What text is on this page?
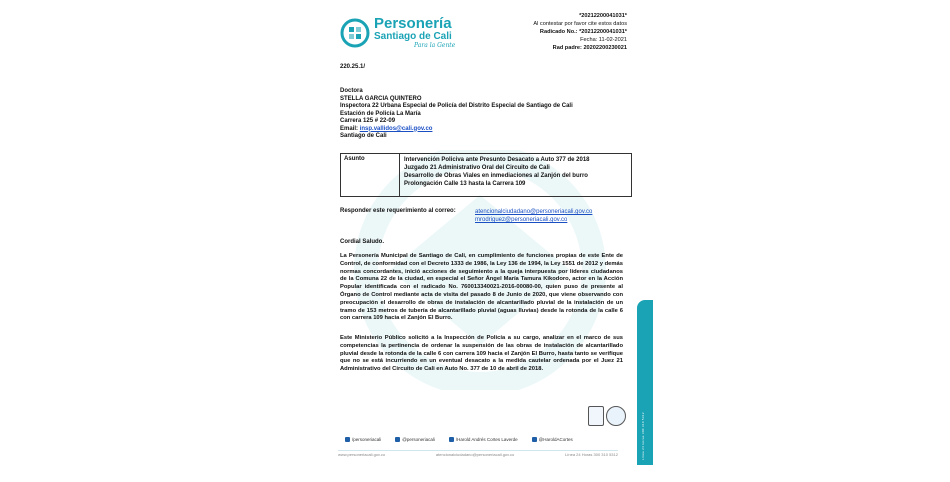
Línea 24 Horas 300 310 5312
Personería
Santiago de Cali
Para la Gente
*20212200041031*
Al contestar por favor cite estos datos
Radicado No.: *20212200041031*
Fecha: 11-02-2021
Rad padre: 20202200230021
220.25.1/
Doctora
STELLA GARCIA QUINTERO
Inspectora 22 Urbana Especial de Policía del Distrito Especial de Santiago de Cali
Estación de Policía La María
Carrera 125 # 22-09
Email: insp.vallidos@cali.gov.co
Santiago de Cali
Asunto	Intervención Policiva ante Presunto Desacato a Auto 377 de 2018
Juzgado 21 Administrativo Oral del Circuito de Cali
Desarrollo de Obras Viales en inmediaciones al Zanjón del burro
Prolongación Calle 13 hasta la Carrera 109
Responder este requerimiento al correo:	atencionalciudadano@personeriacali.gov.co
mrodriguez@personeriacali.gov.co
Cordial Saludo.
La Personería Municipal de Santiago de Cali, en cumplimiento de funciones propias de este Ente de Control, de conformidad con el Decreto 1333 de 1986, la Ley 136 de 1994, la Ley 1551 de 2012 y demás normas concordantes, inició acciones de seguimiento a la queja interpuesta por líderes ciudadanos de la Comuna 22 de la ciudad, en especial el Señor Ángel María Tamura Kikodoro, actor en la Acción Popular identificada con el radicado No. 760013340021-2016-00080-00, quien puso de presente al Órgano de Control mediante acta de visita del pasado 8 de Junio de 2020, que viene observando con preocupación el desarrollo de obras de instalación de alcantarillado pluvial de la instalación de un tramo de 153 metros de tubería de alcantarillado pluvial (aguas lluvias) desde la rotonda de la calle 6 con carrera 109 hacia el Zanjón El Burro.
Este Ministerio Público solicitó a la Inspección de Policía a su cargo, analizar en el marco de sus competencias la pertinencia de ordenar la suspensión de las obras de instalación de alcantarillado pluvial desde la rotonda de la calle 6 con carrera 109 hacia el Zanjón El Burro, hasta tanto se verifique que no se está incurriendo en un eventual desacato a la medida cautelar ordenada por el Juez 21 Administrativo del Circuito de Cali en Auto No. 377 de 10 de abril de 2018.
/personeriacali	@personeriacali	/Harold Andrés Cortes Laverde	@HaroldACortes
www.personeriacali.gov.co	atencionalciudadano@personeriacali.gov.co	Línea 24 Horas 300 310 5312
